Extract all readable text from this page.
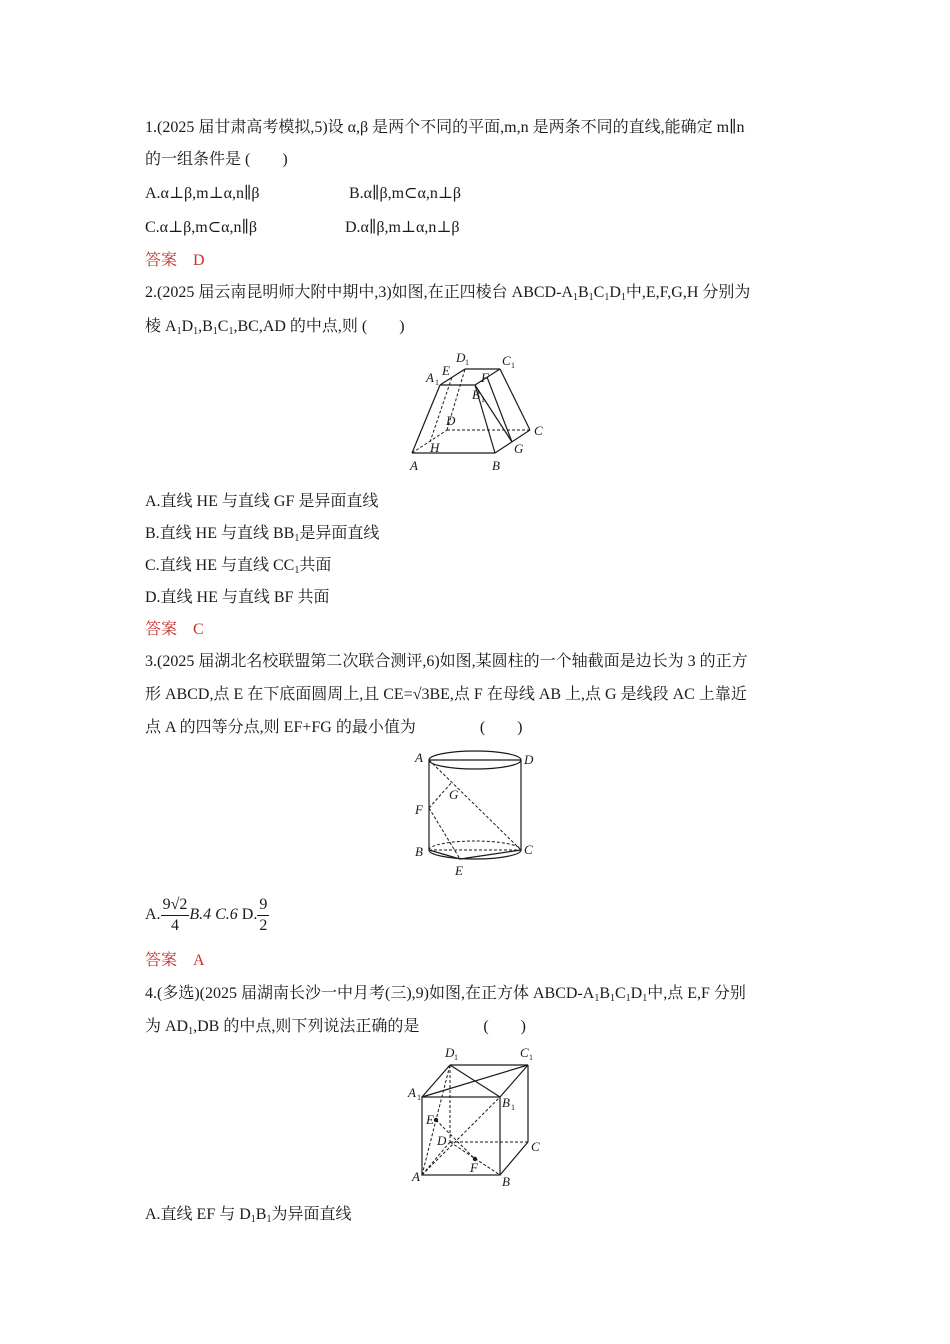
1.(2025 届甘肃高考模拟,5)设 α,β 是两个不同的平面,m,n 是两条不同的直线,能确定 m∥n
的一组条件是 (　　)
A.α⊥β,m⊥α,n∥β	B.α∥β,m⊂α,n⊥β
C.α⊥β,m⊂α,n∥β	D.α∥β,m⊥α,n⊥β
答案 D
2.(2025 届云南昆明师大附中期中,3)如图,在正四棱台 ABCD-$A_1B_1C_1D_1$中,E,F,G,H 分别为
棱 $A_1D_1,B_1C_1,BC,AD$ 的中点,则 (　　)
A	B
C
D
A 1
B 1
C 1
D 1
E F
G
H
A.直线 HE 与直线 GF 是异面直线
B.直线 HE 与直线 $BB_1$是异面直线
C.直线 HE 与直线 $CC_1$共面
D.直线 HE 与直线 BF 共面
答案 C
3.(2025 届湖北名校联盟第二次联合测评,6)如图,某圆柱的一个轴截面是边长为 3 的正方
形 ABCD,点 E 在下底面圆周上,且 CE=√3BE,点 F 在母线 AB 上,点 G 是线段 AC 上靠近
点 A 的四等分点,则 EF+FG 的最小值为　　　　(　　)
A	D
F
G
B	C
E
A. $\frac{9√2}{4} B.4$ C.6 D. $\frac{9}{2}$
答案 A
4.(多选)(2025 届湖南长沙一中月考(三),9)如图,在正方体 ABCD-$A_1B_1C_1D_1$中,点 E,F 分别
为 $AD_1,DB$ 的中点,则下列说法正确的是　　　　(　　)
D 1	C 1
A 1	B 1
E
D	C
F
A	B
A.直线 EF 与 $D_1B_1$为异面直线
